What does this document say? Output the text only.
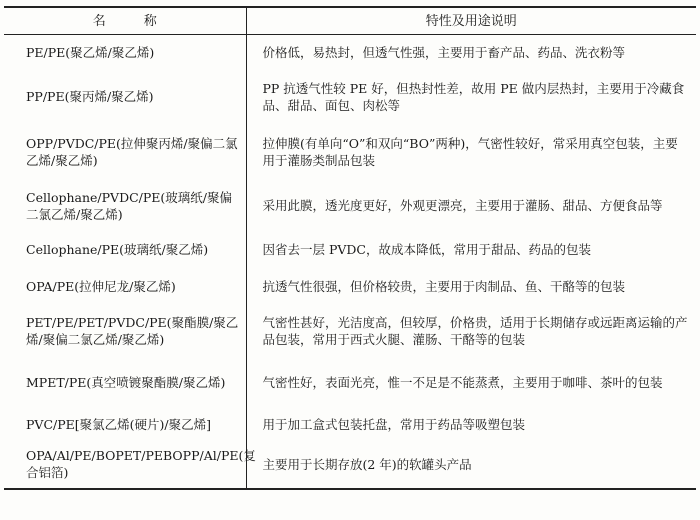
名称	特性及用途说明
PE/PE(聚乙烯/聚乙烯)	价格低，易热封，但透气性强，主要用于畜产品、药品、洗衣粉等
PP/PE(聚丙烯/聚乙烯)	PP 抗透气性较 PE 好，但热封性差，故用 PE 做内层热封，主要用于冷藏食品、甜品、面包、肉松等
OPP/PVDC/PE(拉伸聚丙烯/聚偏二氯乙烯/聚乙烯)	拉伸膜(有单向“O”和双向“BO”两种)，气密性较好，常采用真空包装，主要用于灌肠类制品包装
Cellophane/PVDC/PE(玻璃纸/聚偏二氯乙烯/聚乙烯)	采用此膜，透光度更好，外观更漂亮，主要用于灌肠、甜品、方便食品等
Cellophane/PE(玻璃纸/聚乙烯)	因省去一层 PVDC，故成本降低，常用于甜品、药品的包装
OPA/PE(拉伸尼龙/聚乙烯)	抗透气性很强，但价格较贵，主要用于肉制品、鱼、干酪等的包装
PET/PE/PET/PVDC/PE(聚酯膜/聚乙烯/聚偏二氯乙烯/聚乙烯)	气密性甚好，光洁度高，但较厚，价格贵，适用于长期储存或远距离运输的产品包装，常用于西式火腿、灌肠、干酪等的包装
MPET/PE(真空喷镀聚酯膜/聚乙烯)	气密性好，表面光亮，惟一不足是不能蒸煮，主要用于咖啡、茶叶的包装
PVC/PE[聚氯乙烯(硬片)/聚乙烯]	用于加工盒式包装托盘，常用于药品等吸塑包装
OPA/Al/PE/BOPET/PEBOPP/Al/PE(复合铝箔)	主要用于长期存放(2 年)的软罐头产品
